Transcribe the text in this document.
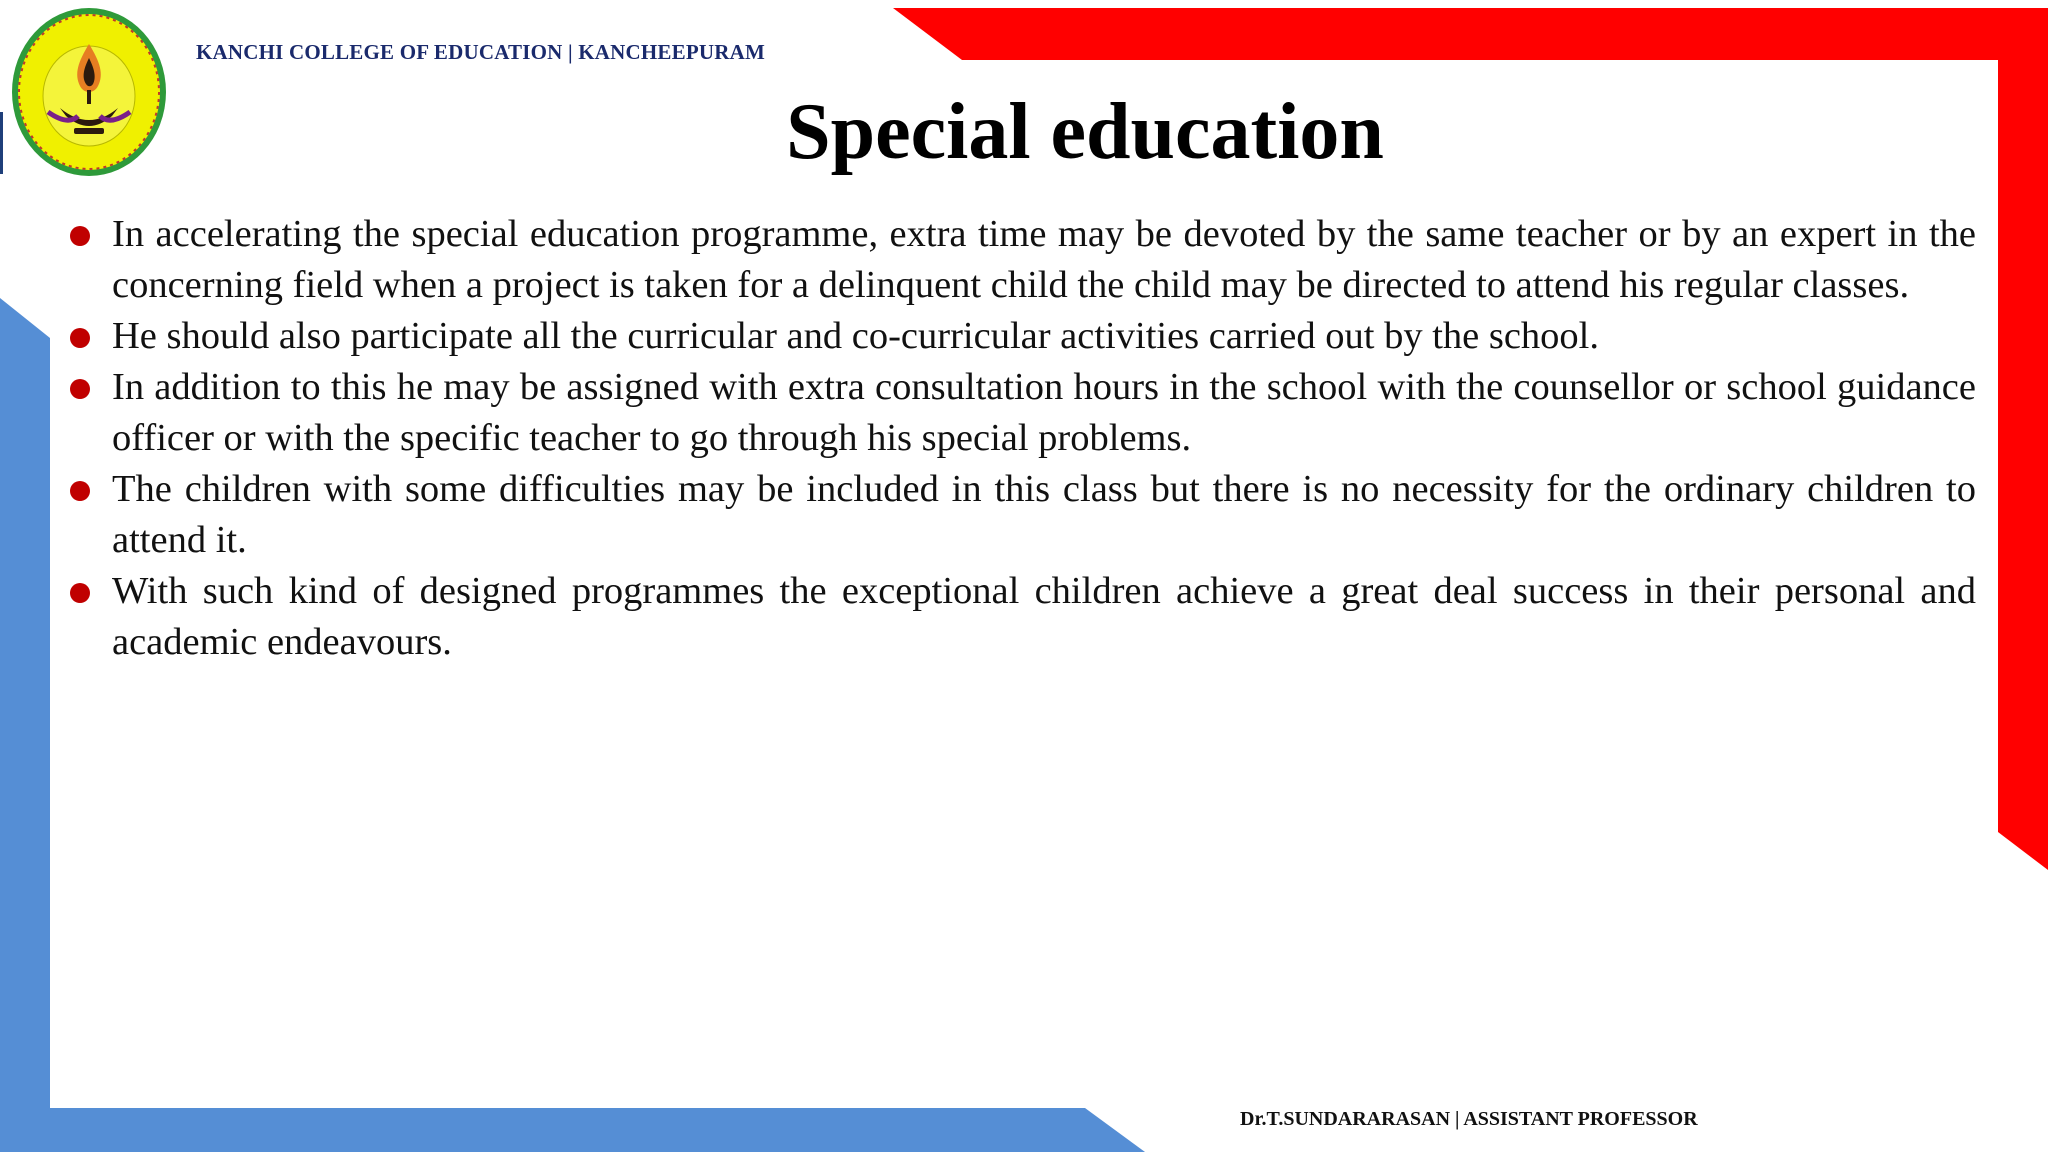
KANCHI COLLEGE OF EDUCATION | KANCHEEPURAM
Special education
In accelerating the special education programme, extra time may be devoted by the same teacher or by an expert in the concerning field when a project is taken for a delinquent child the child may be directed to attend his regular classes.
He should also participate all the curricular and co-curricular activities carried out by the school.
In addition to this he may be assigned with extra consultation hours in the school with the counsellor or school guidance officer or with the specific teacher to go through his special problems.
The children with some difficulties may be included in this class but there is no necessity for the ordinary children to attend it.
With such kind of designed programmes the exceptional children achieve a great deal success in their personal and academic endeavours.
Dr.T.SUNDARARASAN | ASSISTANT PROFESSOR
